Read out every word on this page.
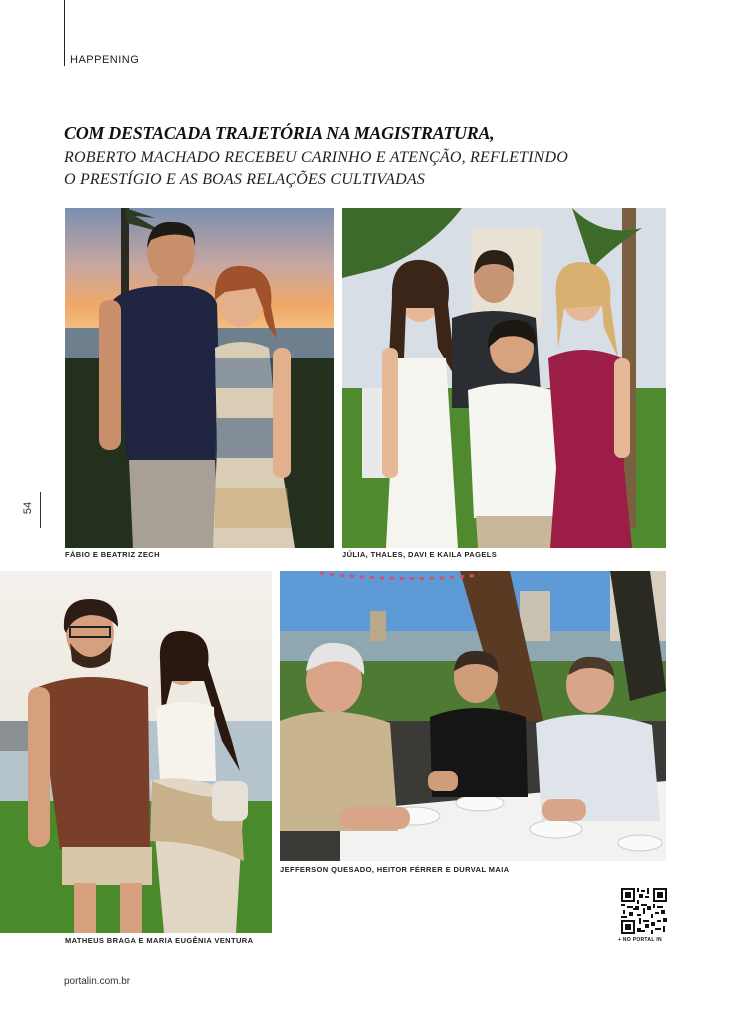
HAPPENING
COM DESTACADA TRAJETÓRIA NA MAGISTRATURA,
ROBERTO MACHADO RECEBEU CARINHO E ATENÇÃO, REFLETINDO
O PRESTÍGIO E AS BOAS RELAÇÕES CULTIVADAS
FÁBIO E BEATRIZ ZECH	JÚLIA, THALES, DAVI E KAILA PAGELS
54
MATHEUS BRAGA E MARIA EUGÊNIA VENTURA
JEFFERSON QUESADO, HEITOR FÉRRER E DURVAL MAIA
+ NO PORTAL IN
portalin.com.br
